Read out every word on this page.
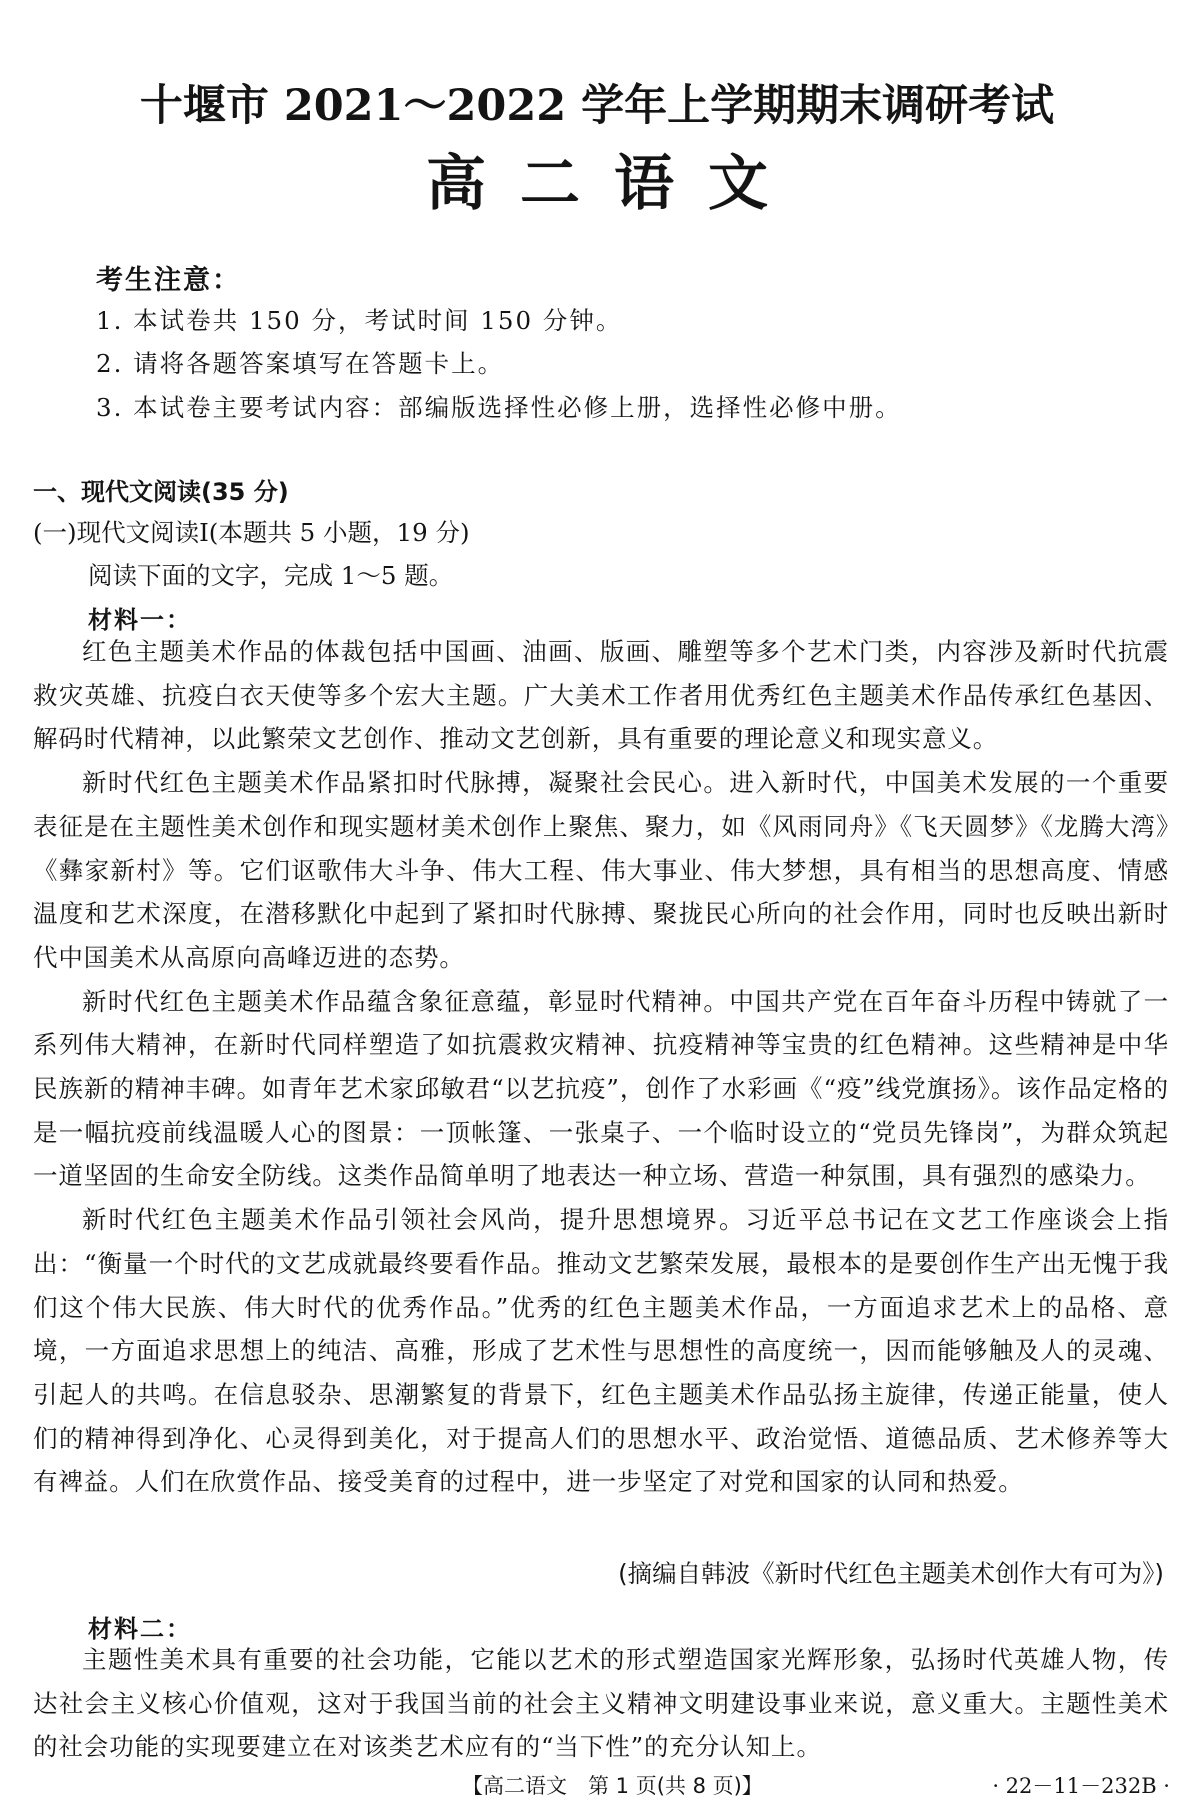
十堰市 2021～2022 学年上学期期末调研考试
高二语文
考生注意：
1. 本试卷共 150 分，考试时间 150 分钟。
2. 请将各题答案填写在答题卡上。
3. 本试卷主要考试内容：部编版选择性必修上册，选择性必修中册。
一、现代文阅读(35 分)
(一)现代文阅读Ⅰ(本题共 5 小题，19 分)
阅读下面的文字，完成 1～5 题。
材料一：

红色主题美术作品的体裁包括中国画、油画、版画、雕塑等多个艺术门类，内容涉及新时代抗震救灾英雄、抗疫白衣天使等多个宏大主题。广大美术工作者用优秀红色主题美术作品传承红色基因、解码时代精神，以此繁荣文艺创作、推动文艺创新，具有重要的理论意义和现实意义。

新时代红色主题美术作品紧扣时代脉搏，凝聚社会民心。进入新时代，中国美术发展的一个重要表征是在主题性美术创作和现实题材美术创作上聚焦、聚力，如《风雨同舟》《飞天圆梦》《龙腾大湾》《彝家新村》等。它们讴歌伟大斗争、伟大工程、伟大事业、伟大梦想，具有相当的思想高度、情感温度和艺术深度，在潜移默化中起到了紧扣时代脉搏、聚拢民心所向的社会作用，同时也反映出新时代中国美术从高原向高峰迈进的态势。

新时代红色主题美术作品蕴含象征意蕴，彰显时代精神。中国共产党在百年奋斗历程中铸就了一系列伟大精神，在新时代同样塑造了如抗震救灾精神、抗疫精神等宝贵的红色精神。这些精神是中华民族新的精神丰碑。如青年艺术家邱敏君“以艺抗疫”，创作了水彩画《“疫”线党旗扬》。该作品定格的是一幅抗疫前线温暖人心的图景：一顶帐篷、一张桌子、一个临时设立的“党员先锋岗”，为群众筑起一道坚固的生命安全防线。这类作品简单明了地表达一种立场、营造一种氛围，具有强烈的感染力。

新时代红色主题美术作品引领社会风尚，提升思想境界。习近平总书记在文艺工作座谈会上指出：“衡量一个时代的文艺成就最终要看作品。推动文艺繁荣发展，最根本的是要创作生产出无愧于我们这个伟大民族、伟大时代的优秀作品。”优秀的红色主题美术作品，一方面追求艺术上的品格、意境，一方面追求思想上的纯洁、高雅，形成了艺术性与思想性的高度统一，因而能够触及人的灵魂、引起人的共鸣。在信息驳杂、思潮繁复的背景下，红色主题美术作品弘扬主旋律，传递正能量，使人们的精神得到净化、心灵得到美化，对于提高人们的思想水平、政治觉悟、道德品质、艺术修养等大有裨益。人们在欣赏作品、接受美育的过程中，进一步坚定了对党和国家的认同和热爱。

(摘编自韩波《新时代红色主题美术创作大有可为》)
材料二：

主题性美术具有重要的社会功能，它能以艺术的形式塑造国家光辉形象，弘扬时代英雄人物，传达社会主义核心价值观，这对于我国当前的社会主义精神文明建设事业来说，意义重大。主题性美术的社会功能的实现要建立在对该类艺术应有的“当下性”的充分认知上。

【高二语文　第 1 页(共 8 页)】	· 22－11－232B ·
